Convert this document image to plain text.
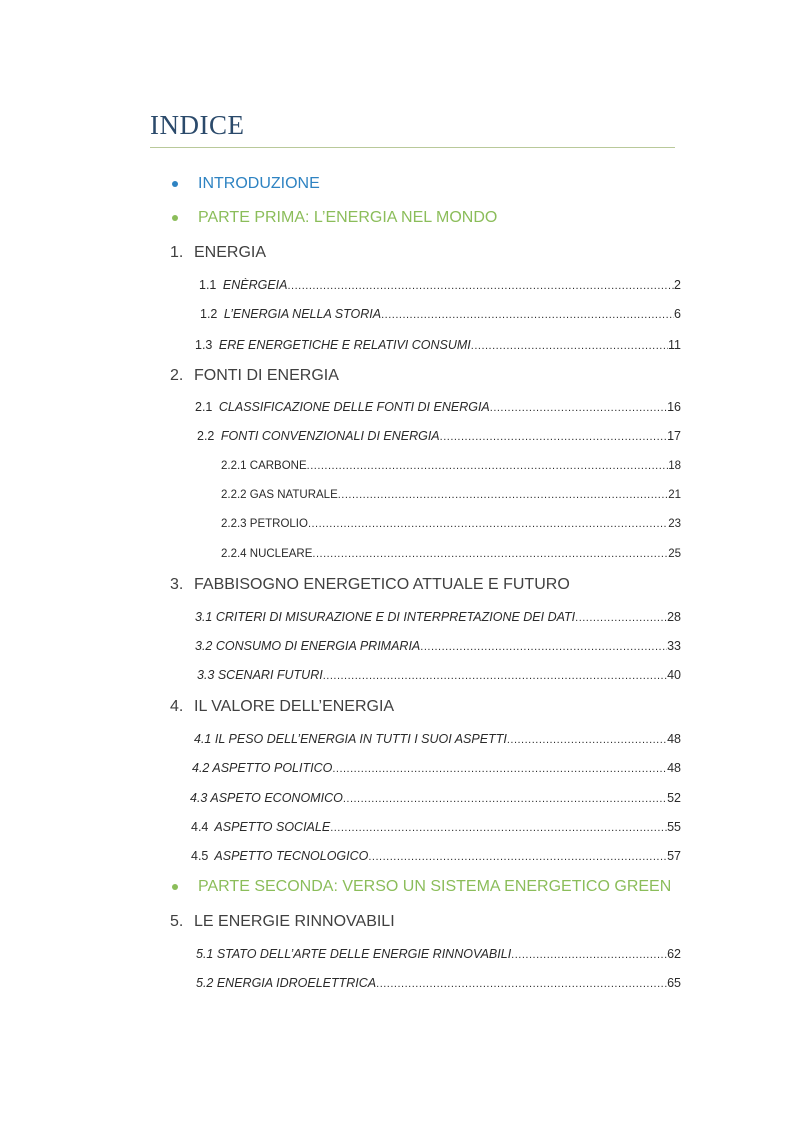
INDICE
INTRODUZIONE
PARTE PRIMA: L’ENERGIA NEL MONDO
1. ENERGIA
1.1 ENÈRGEIA .....	2
1.2 L’ENERGIA NELLA STORIA .....	6
1.3 ERE ENERGETICHE E RELATIVI CONSUMI .....	11
2. FONTI DI ENERGIA
2.1 CLASSIFICAZIONE DELLE FONTI DI ENERGIA .....	16
2.2 FONTI CONVENZIONALI DI ENERGIA .....	17
2.2.1 CARBONE .....	18
2.2.2 GAS NATURALE .....	21
2.2.3 PETROLIO .....	23
2.2.4 NUCLEARE .....	25
3. FABBISOGNO ENERGETICO ATTUALE E FUTURO
3.1 CRITERI DI MISURAZIONE E DI INTERPRETAZIONE DEI DATI .....	28
3.2 CONSUMO DI ENERGIA PRIMARIA .....	33
3.3 SCENARI FUTURI .....	40
4. IL VALORE DELL’ENERGIA
4.1 IL PESO DELL’ENERGIA IN TUTTI I SUOI ASPETTI .....	48
4.2 ASPETTO POLITICO .....	48
4.3 ASPETO ECONOMICO .....	52
4.4 ASPETTO SOCIALE .....	55
4.5 ASPETTO TECNOLOGICO .....	57
PARTE SECONDA: VERSO UN SISTEMA ENERGETICO GREEN
5. LE ENERGIE RINNOVABILI
5.1 STATO DELL’ARTE DELLE ENERGIE RINNOVABILI .....	62
5.2 ENERGIA IDROELETTRICA .....	65
